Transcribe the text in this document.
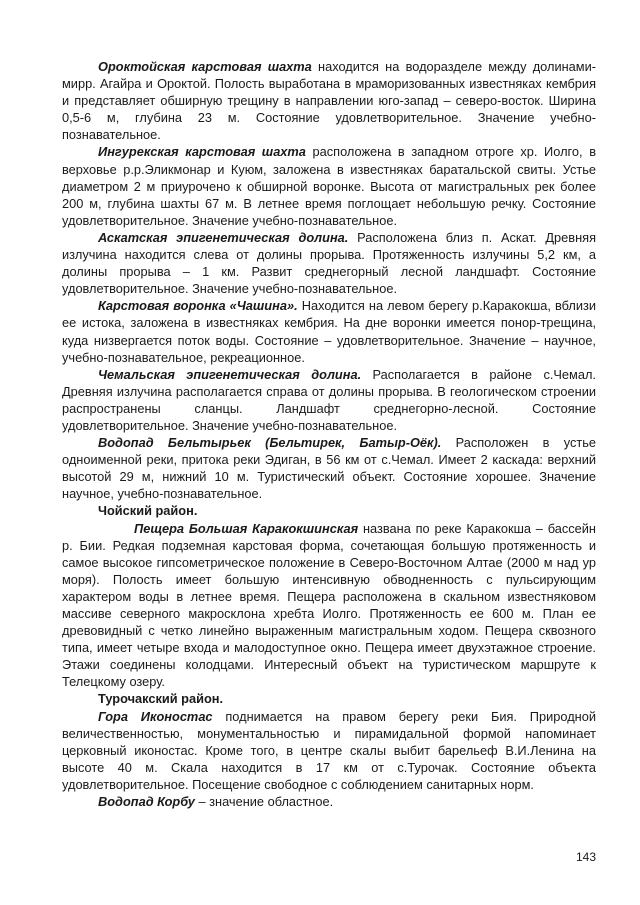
Ороктойская карстовая шахта находится на водоразделе между долинами-мирр. Агайра и Ороктой. Полость выработана в мраморизованных известняках кембрия и представляет обширную трещину в направлении юго-запад – северо-восток. Ширина 0,5-6 м, глубина 23 м. Состояние удовлетворительное. Значение учебно-познавательное.

Ингурекская карстовая шахта расположена в западном отроге хр. Иолго, в верховье р.р.Эликмонар и Куюм, заложена в известняках баратальской свиты. Устье диаметром 2 м приурочено к обширной воронке. Высота от магистральных рек более 200 м, глубина шахты 67 м. В летнее время поглощает небольшую речку. Состояние удовлетворительное. Значение учебно-познавательное.

Аскатская эпигенетическая долина. Расположена близ п. Аскат. Древняя излучина находится слева от долины прорыва. Протяженность излучины 5,2 км, а долины прорыва – 1 км. Развит среднегорный лесной ландшафт. Состояние удовлетворительное. Значение учебно-познавательное.

Карстовая воронка «Чашина». Находится на левом берегу р.Каракокша, вблизи ее истока, заложена в известняках кембрия. На дне воронки имеется понор-трещина, куда низвергается поток воды. Состояние – удовлетворительное. Значение – научное, учебно-познавательное, рекреационное.

Чемальская эпигенетическая долина. Располагается в районе с.Чемал. Древняя излучина располагается справа от долины прорыва. В геологическом строении распространены сланцы. Ландшафт среднегорно-лесной. Состояние удовлетворительное. Значение учебно-познавательное.

Водопад Бельтырьек (Бельтирек, Батыр-Оёк). Расположен в устье одноименной реки, притока реки Эдиган, в 56 км от с.Чемал. Имеет 2 каскада: верхний высотой 29 м, нижний 10 м. Туристический объект. Состояние хорошее. Значение научное, учебно-познавательное.

Чойский район.

Пещера Большая Каракокшинская названа по реке Каракокша – бассейн р. Бии. Редкая подземная карстовая форма, сочетающая большую протяженность и самое высокое гипсометрическое положение в Северо-Восточном Алтае (2000 м над ур моря). Полость имеет большую интенсивную обводненность с пульсирующим характером воды в летнее время. Пещера расположена в скальном известняковом массиве северного макросклона хребта Иолго. Протяженность ее 600 м. План ее древовидный с четко линейно выраженным магистральным ходом. Пещера сквозного типа, имеет четыре входа и малодоступное окно. Пещера имеет двухэтажное строение. Этажи соединены колодцами. Интересный объект на туристическом маршруте к Телецкому озеру.

Турочакский район.

Гора Иконостас поднимается на правом берегу реки Бия. Природной величественностью, монументальностью и пирамидальной формой напоминает церковный иконостас. Кроме того, в центре скалы выбит барельеф В.И.Ленина на высоте 40 м. Скала находится в 17 км от с.Турочак. Состояние объекта удовлетворительное. Посещение свободное с соблюдением санитарных норм.

Водопад Корбу – значение областное.

143
